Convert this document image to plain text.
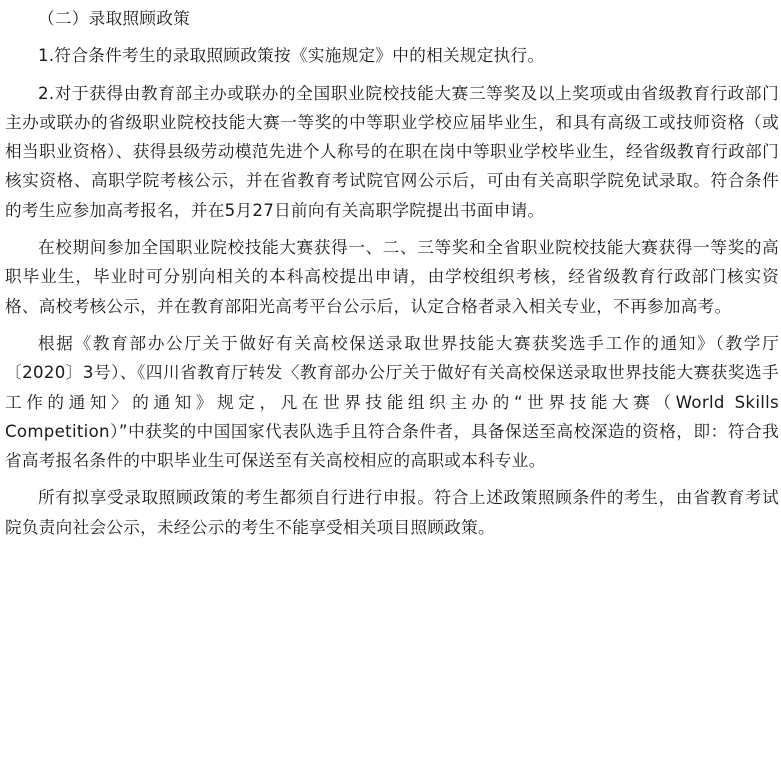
（二）录取照顾政策

1.符合条件考生的录取照顾政策按《实施规定》中的相关规定执行。

2.对于获得由教育部主办或联办的全国职业院校技能大赛三等奖及以上奖项或由省级教育行政部门主办或联办的省级职业院校技能大赛一等奖的中等职业学校应届毕业生，和具有高级工或技师资格（或相当职业资格）、获得县级劳动模范先进个人称号的在职在岗中等职业学校毕业生，经省级教育行政部门核实资格、高职学院考核公示，并在省教育考试院官网公示后，可由有关高职学院免试录取。符合条件的考生应参加高考报名，并在5月27日前向有关高职学院提出书面申请。

在校期间参加全国职业院校技能大赛获得一、二、三等奖和全省职业院校技能大赛获得一等奖的高职毕业生，毕业时可分别向相关的本科高校提出申请，由学校组织考核，经省级教育行政部门核实资格、高校考核公示，并在教育部阳光高考平台公示后，认定合格者录入相关专业，不再参加高考。

根据《教育部办公厅关于做好有关高校保送录取世界技能大赛获奖选手工作的通知》（教学厅〔2020〕3号）、《四川省教育厅转发〈教育部办公厅关于做好有关高校保送录取世界技能大赛获奖选手工作的通知〉的通知》规定，凡在世界技能组织主办的“世界技能大赛（World Skills Competition）”中获奖的中国国家代表队选手且符合条件者，具备保送至高校深造的资格，即：符合我省高考报名条件的中职毕业生可保送至有关高校相应的高职或本科专业。

所有拟享受录取照顾政策的考生都须自行进行申报。符合上述政策照顾条件的考生，由省教育考试院负责向社会公示，未经公示的考生不能享受相关项目照顾政策。
